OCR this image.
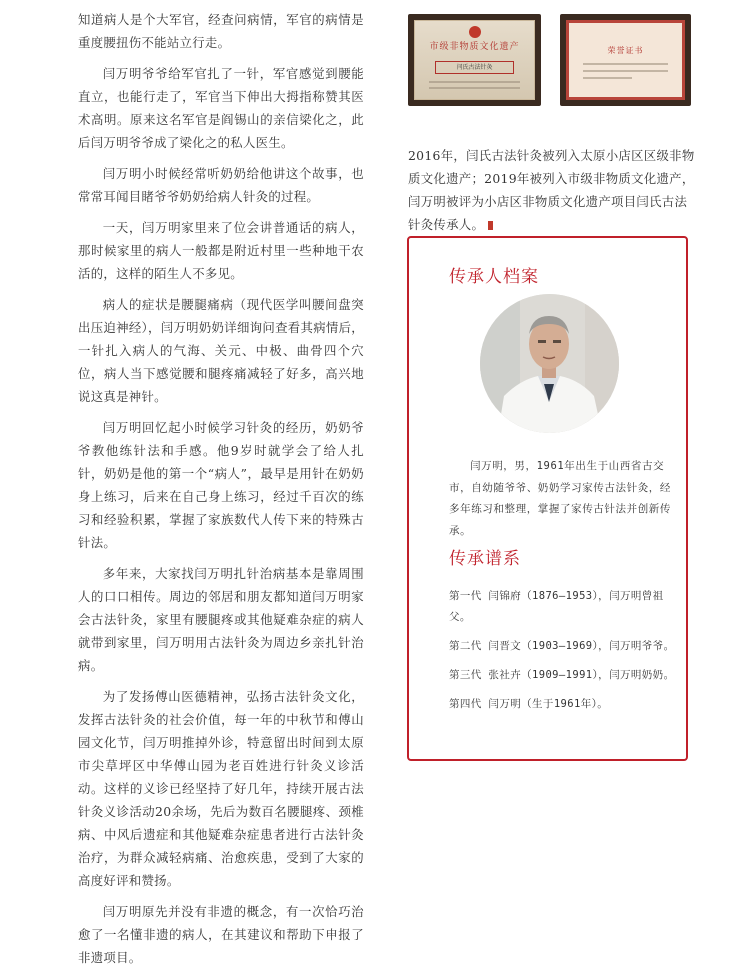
知道病人是个大军官，经查问病情，军官的病情是重度腰扭伤不能站立行走。

闫万明爷爷给军官扎了一针，军官感觉到腰能直立，也能行走了，军官当下伸出大拇指称赞其医术高明。原来这名军官是阎锡山的亲信梁化之，此后闫万明爷爷成了梁化之的私人医生。

闫万明小时候经常听奶奶给他讲这个故事，也常常耳闻目睹爷爷奶奶给病人针灸的过程。

一天，闫万明家里来了位会讲普通话的病人，那时候家里的病人一般都是附近村里一些种地干农活的，这样的陌生人不多见。

病人的症状是腰腿痛病（现代医学叫腰间盘突出压迫神经），闫万明奶奶详细询问查看其病情后，一针扎入病人的气海、关元、中极、曲骨四个穴位，病人当下感觉腰和腿疼痛减轻了好多，高兴地说这真是神针。

闫万明回忆起小时候学习针灸的经历，奶奶爷爷教他练针法和手感。他9岁时就学会了给人扎针，奶奶是他的第一个“病人”，最早是用针在奶奶身上练习，后来在自己身上练习，经过千百次的练习和经验积累，掌握了家族数代人传下来的特殊古针法。

多年来，大家找闫万明扎针治病基本是靠周围人的口口相传。周边的邻居和朋友都知道闫万明家会古法针灸，家里有腰腿疼或其他疑难杂症的病人就带到家里，闫万明用古法针灸为周边乡亲扎针治病。

为了发扬傅山医德精神，弘扬古法针灸文化，发挥古法针灸的社会价值，每一年的中秋节和傅山园文化节，闫万明推掉外诊，特意留出时间到太原市尖草坪区中华傅山园为老百姓进行针灸义诊活动。这样的义诊已经坚持了好几年，持续开展古法针灸义诊活动20余场，先后为数百名腰腿疼、颈椎病、中风后遗症和其他疑难杂症患者进行古法针灸治疗，为群众减轻病痛、治愈疾患，受到了大家的高度好评和赞扬。

闫万明原先并没有非遗的概念，有一次恰巧治愈了一名懂非遗的病人，在其建议和帮助下申报了非遗项目。

市级非物质文化遗产
闫氏古法针灸
荣誉证书
2016年，闫氏古法针灸被列入太原小店区区级非物质文化遗产；2019年被列入市级非物质文化遗产，闫万明被评为小店区非物质文化遗产项目闫氏古法针灸传承人。
传承人档案
闫万明，男，1961年出生于山西省古交市，自幼随爷爷、奶奶学习家传古法针灸，经多年练习和整理，掌握了家传古针法并创新传承。
传承谱系
第一代 闫锦府（1876—1953），闫万明曾祖父。
第二代 闫晋文（1903—1969），闫万明爷爷。
第三代 张社卉（1909—1991），闫万明奶奶。
第四代 闫万明（生于1961年）。
